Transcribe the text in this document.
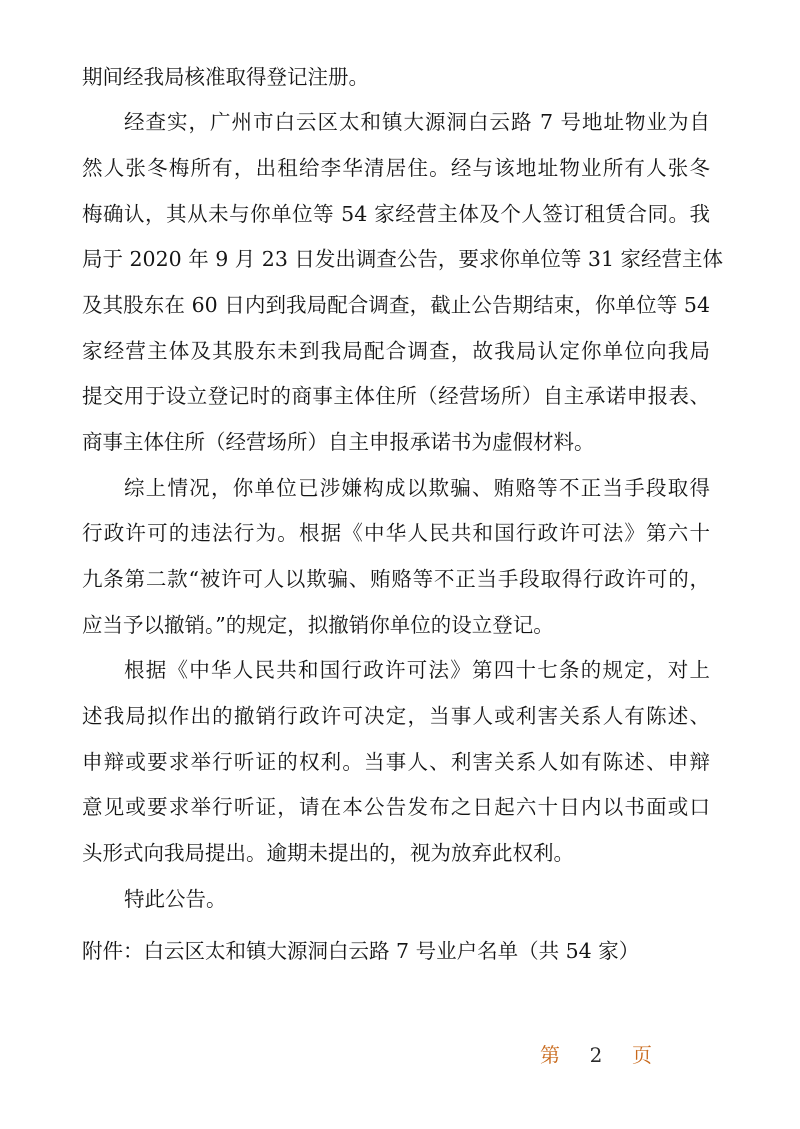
期间经我局核准取得登记注册。
经查实，广州市白云区太和镇大源洞白云路 7 号地址物业为自
然人张冬梅所有，出租给李华清居住。经与该地址物业所有人张冬
梅确认，其从未与你单位等 54 家经营主体及个人签订租赁合同。我
局于 2020 年 9 月 23 日发出调查公告，要求你单位等 31 家经营主体
及其股东在 60 日内到我局配合调查，截止公告期结束，你单位等 54
家经营主体及其股东未到我局配合调查，故我局认定你单位向我局
提交用于设立登记时的商事主体住所（经营场所）自主承诺申报表、
商事主体住所（经营场所）自主申报承诺书为虚假材料。
综上情况，你单位已涉嫌构成以欺骗、贿赂等不正当手段取得
行政许可的违法行为。根据《中华人民共和国行政许可法》第六十
九条第二款“被许可人以欺骗、贿赂等不正当手段取得行政许可的，
应当予以撤销。”的规定，拟撤销你单位的设立登记。
根据《中华人民共和国行政许可法》第四十七条的规定，对上
述我局拟作出的撤销行政许可决定，当事人或利害关系人有陈述、
申辩或要求举行听证的权利。当事人、利害关系人如有陈述、申辩
意见或要求举行听证，请在本公告发布之日起六十日内以书面或口
头形式向我局提出。逾期未提出的，视为放弃此权利。
特此公告。
附件：白云区太和镇大源洞白云路 7 号业户名单（共 54 家）
第 2 页
